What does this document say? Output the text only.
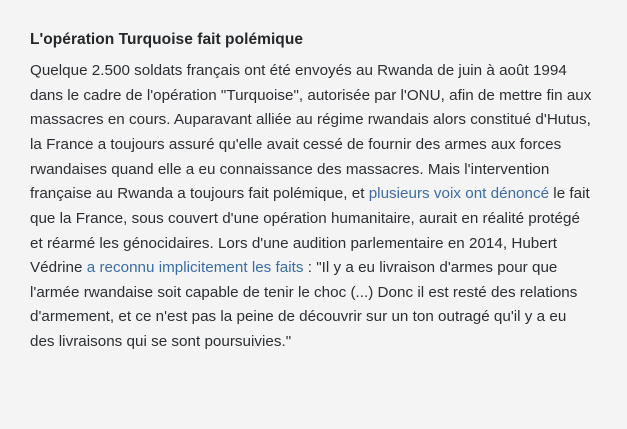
L'opération Turquoise fait polémique

Quelque 2.500 soldats français ont été envoyés au Rwanda de juin à août 1994 dans le cadre de l'opération "Turquoise", autorisée par l'ONU, afin de mettre fin aux massacres en cours. Auparavant alliée au régime rwandais alors constitué d'Hutus, la France a toujours assuré qu'elle avait cessé de fournir des armes aux forces rwandaises quand elle a eu connaissance des massacres. Mais l'intervention française au Rwanda a toujours fait polémique, et plusieurs voix ont dénoncé le fait que la France, sous couvert d'une opération humanitaire, aurait en réalité protégé et réarmé les génocidaires. Lors d'une audition parlementaire en 2014, Hubert Védrine a reconnu implicitement les faits : "Il y a eu livraison d'armes pour que l'armée rwandaise soit capable de tenir le choc (...) Donc il est resté des relations d'armement, et ce n'est pas la peine de découvrir sur un ton outragé qu'il y a eu des livraisons qui se sont poursuivies."
